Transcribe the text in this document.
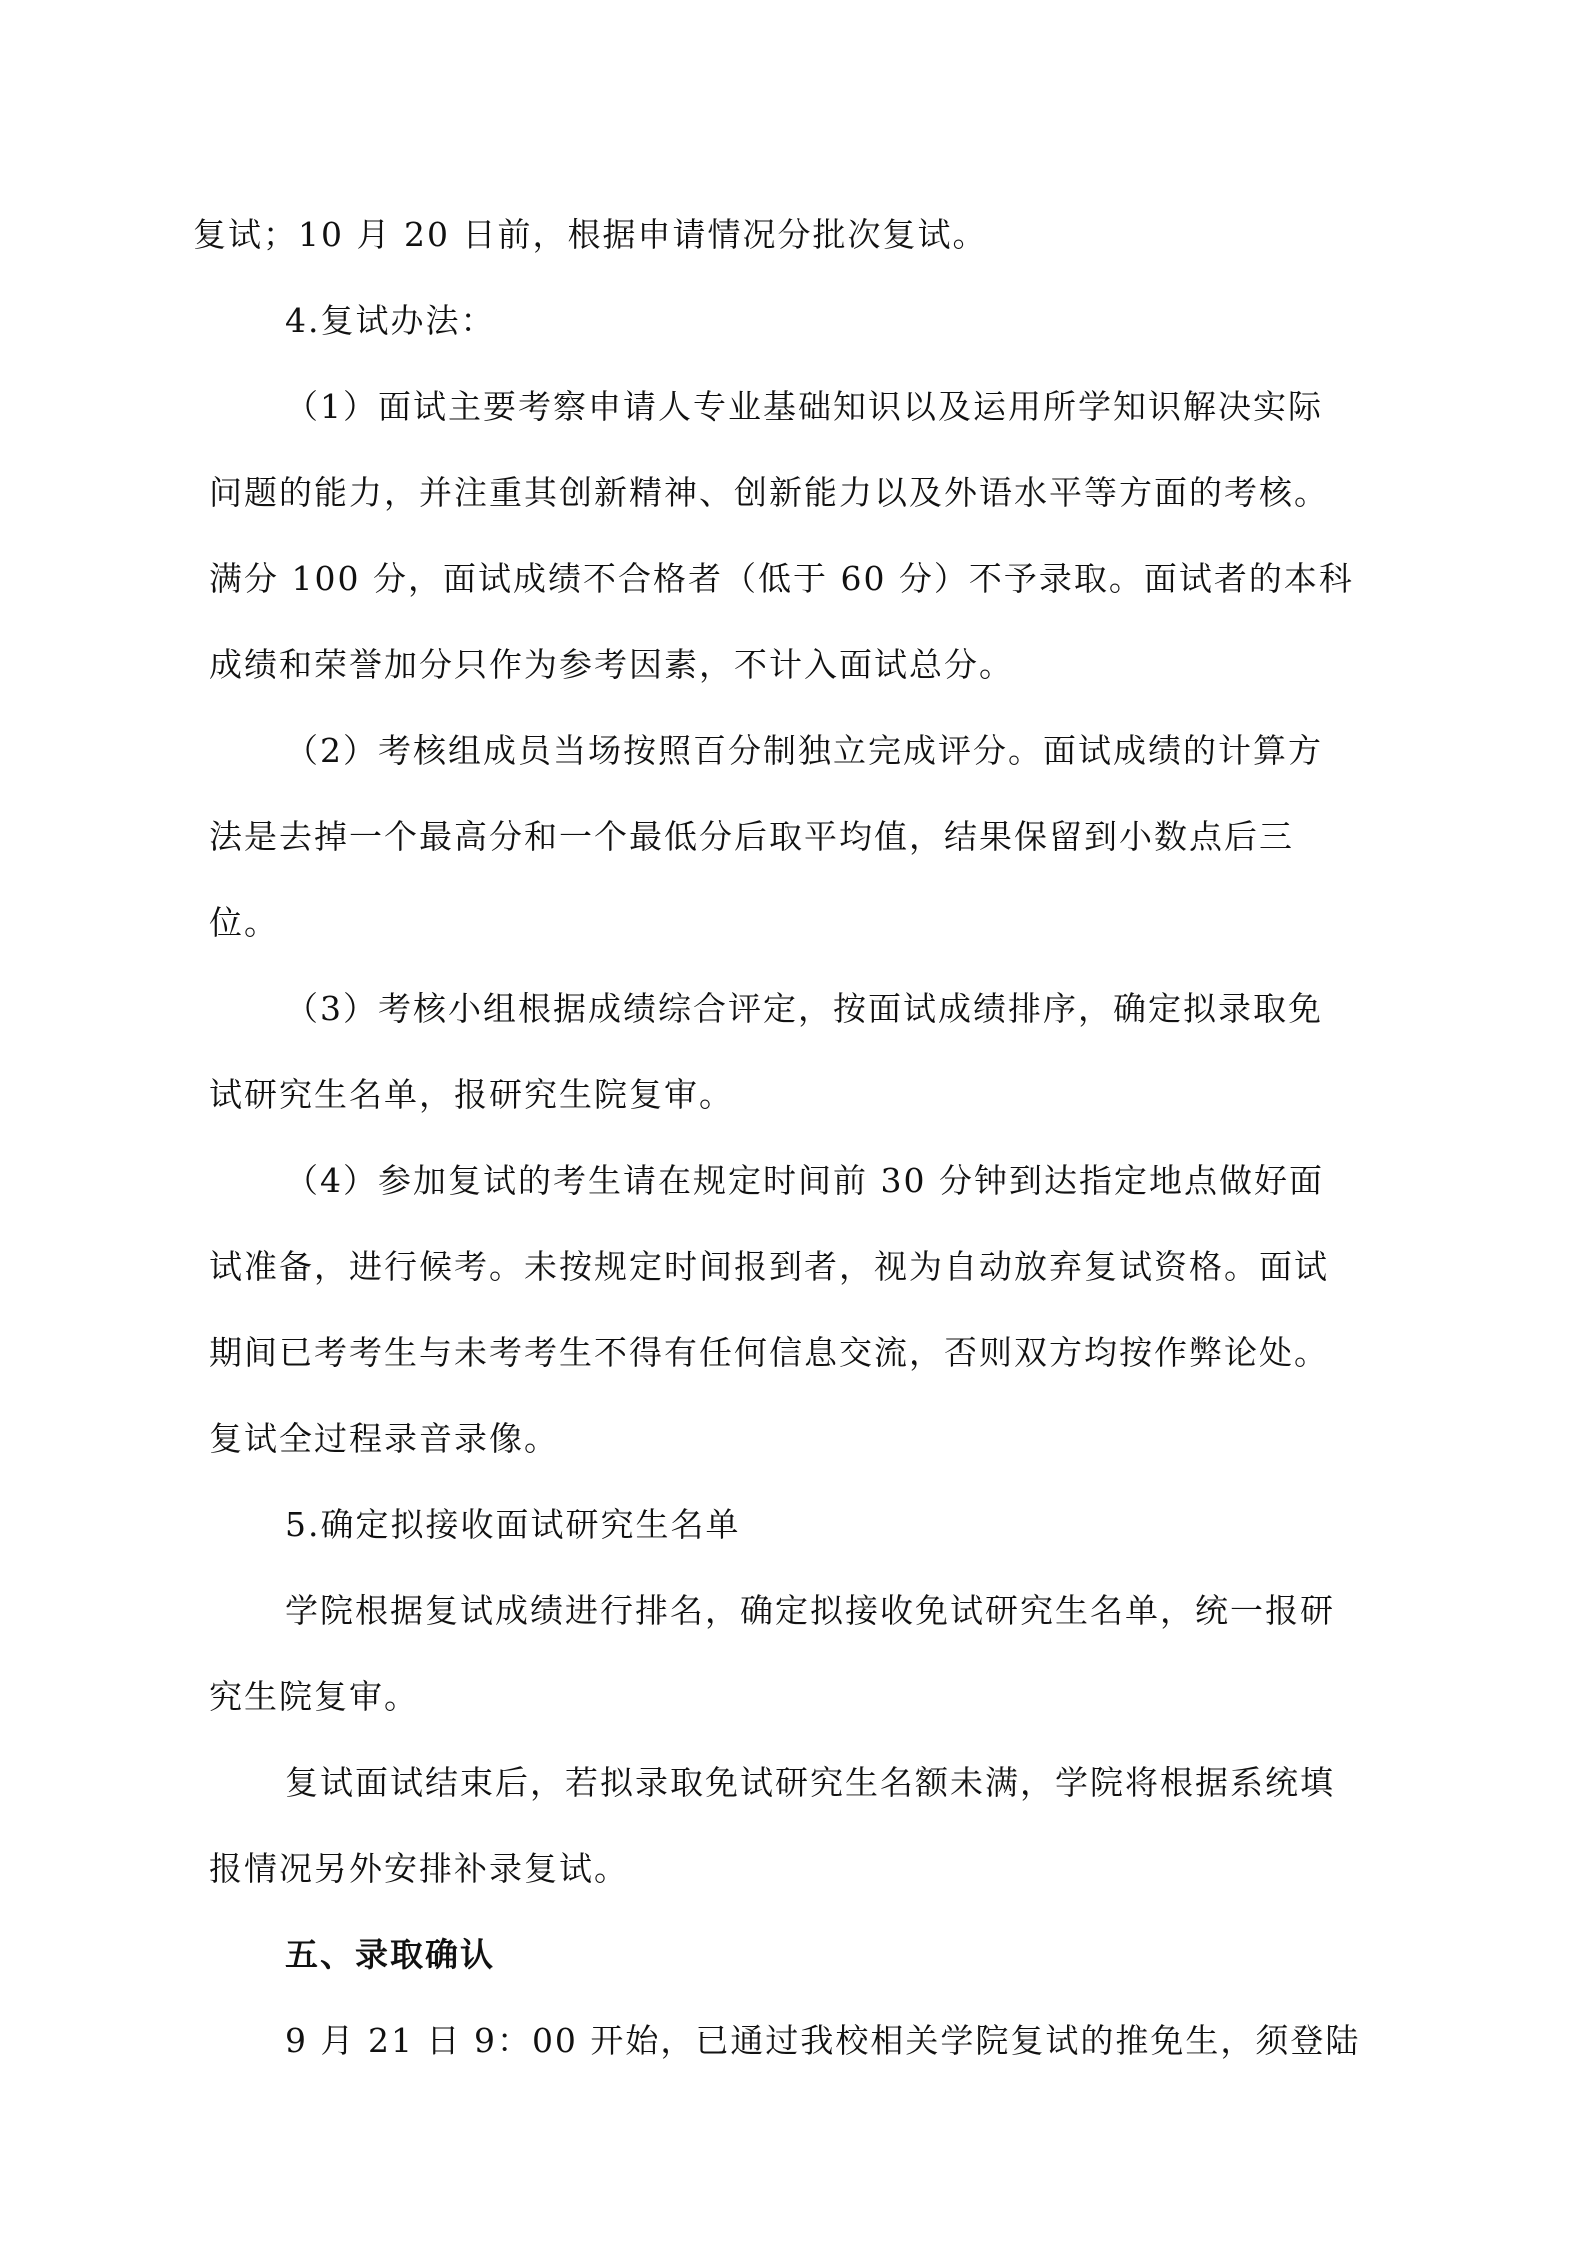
复试；10 月 20 日前，根据申请情况分批次复试。
4.复试办法：
（1）面试主要考察申请人专业基础知识以及运用所学知识解决实际
问题的能力，并注重其创新精神、创新能力以及外语水平等方面的考核。
满分 100 分，面试成绩不合格者（低于 60 分）不予录取。面试者的本科
成绩和荣誉加分只作为参考因素，不计入面试总分。
（2）考核组成员当场按照百分制独立完成评分。面试成绩的计算方
法是去掉一个最高分和一个最低分后取平均值，结果保留到小数点后三
位。
（3）考核小组根据成绩综合评定，按面试成绩排序，确定拟录取免
试研究生名单，报研究生院复审。
（4）参加复试的考生请在规定时间前 30 分钟到达指定地点做好面
试准备，进行候考。未按规定时间报到者，视为自动放弃复试资格。面试
期间已考考生与未考考生不得有任何信息交流，否则双方均按作弊论处。
复试全过程录音录像。
5.确定拟接收面试研究生名单
学院根据复试成绩进行排名，确定拟接收免试研究生名单，统一报研
究生院复审。
复试面试结束后，若拟录取免试研究生名额未满，学院将根据系统填
报情况另外安排补录复试。
五、录取确认
9 月 21 日 9：00 开始，已通过我校相关学院复试的推免生，须登陆
